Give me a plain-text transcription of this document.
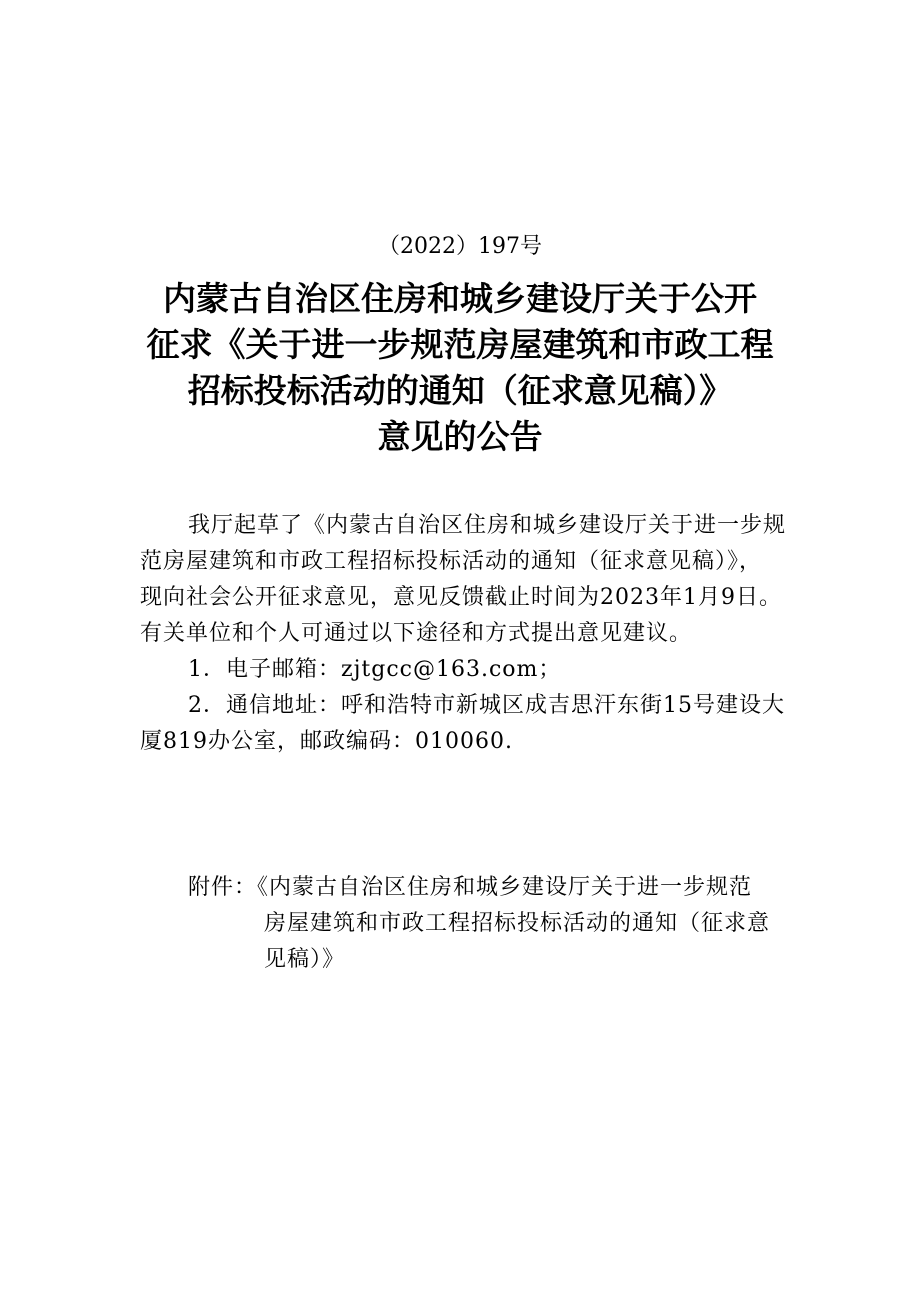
（2022）197号
内蒙古自治区住房和城乡建设厅关于公开
征求《关于进一步规范房屋建筑和市政工程
招标投标活动的通知（征求意见稿）》
意见的公告
我厅起草了《内蒙古自治区住房和城乡建设厅关于进一步规
范房屋建筑和市政工程招标投标活动的通知（征求意见稿）》，
现向社会公开征求意见，意见反馈截止时间为2023年1月9日。
有关单位和个人可通过以下途径和方式提出意见建议。
1．电子邮箱：zjtgcc@163.com；
2．通信地址：呼和浩特市新城区成吉思汗东街15号建设大
厦819办公室，邮政编码：010060.
附件：《内蒙古自治区住房和城乡建设厅关于进一步规范
房屋建筑和市政工程招标投标活动的通知（征求意
见稿）》
